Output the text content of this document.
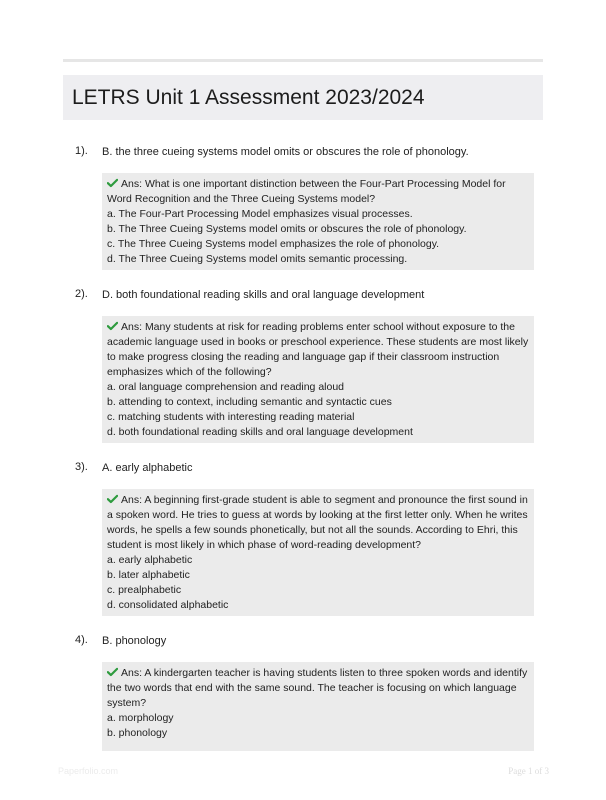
LETRS Unit 1 Assessment 2023/2024
1). B. the three cueing systems model omits or obscures the role of phonology.

Ans: What is one important distinction between the Four-Part Processing Model for Word Recognition and the Three Cueing Systems model?

a. The Four-Part Processing Model emphasizes visual processes.

b. The Three Cueing Systems model omits or obscures the role of phonology.

c. The Three Cueing Systems model emphasizes the role of phonology.

d. The Three Cueing Systems model omits semantic processing.

2). D. both foundational reading skills and oral language development

Ans: Many students at risk for reading problems enter school without exposure to the academic language used in books or preschool experience. These students are most likely to make progress closing the reading and language gap if their classroom instruction emphasizes which of the following?

a. oral language comprehension and reading aloud

b. attending to context, including semantic and syntactic cues

c. matching students with interesting reading material

d. both foundational reading skills and oral language development

3). A. early alphabetic

Ans: A beginning first-grade student is able to segment and pronounce the first sound in a spoken word. He tries to guess at words by looking at the first letter only. When he writes words, he spells a few sounds phonetically, but not all the sounds. According to Ehri, this student is most likely in which phase of word-reading development?

a. early alphabetic

b. later alphabetic

c. prealphabetic

d. consolidated alphabetic

4). B. phonology

Ans: A kindergarten teacher is having students listen to three spoken words and identify the two words that end with the same sound. The teacher is focusing on which language system?

a. morphology

b. phonology

Paperfolio.com	Page 1 of 3
